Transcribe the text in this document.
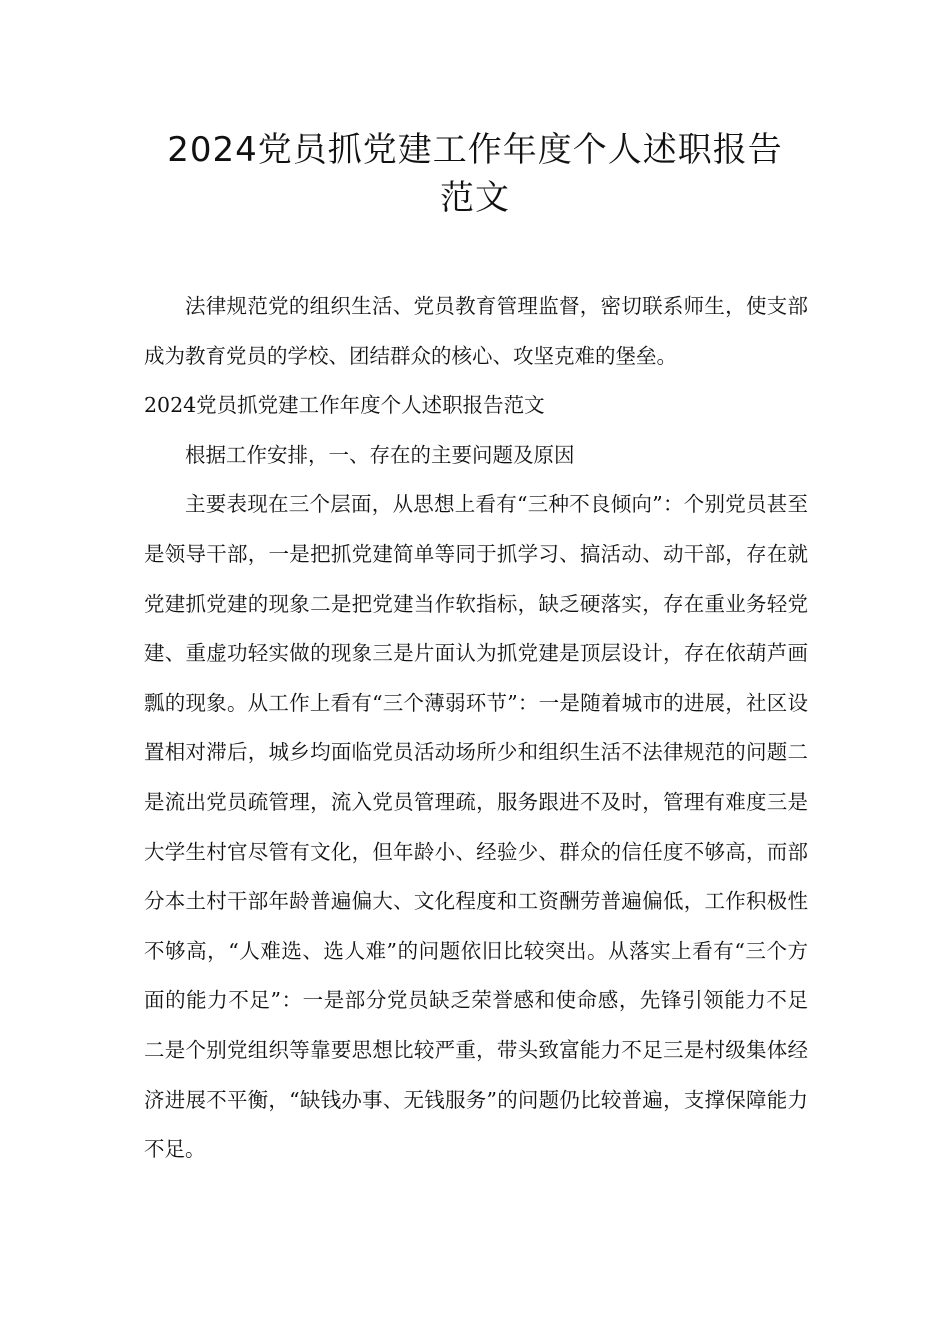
2024党员抓党建工作年度个人述职报告
范文

法律规范党的组织生活、党员教育管理监督，密切联系师生，使支部成为教育党员的学校、团结群众的核心、攻坚克难的堡垒。

2024党员抓党建工作年度个人述职报告范文

根据工作安排，一、存在的主要问题及原因

主要表现在三个层面，从思想上看有“三种不良倾向”：个别党员甚至是领导干部，一是把抓党建简单等同于抓学习、搞活动、动干部，存在就党建抓党建的现象二是把党建当作软指标，缺乏硬落实，存在重业务轻党建、重虚功轻实做的现象三是片面认为抓党建是顶层设计，存在依葫芦画瓢的现象。从工作上看有“三个薄弱环节”：一是随着城市的进展，社区设置相对滞后，城乡均面临党员活动场所少和组织生活不法律规范的问题二是流出党员疏管理，流入党员管理疏，服务跟进不及时，管理有难度三是大学生村官尽管有文化，但年龄小、经验少、群众的信任度不够高，而部分本土村干部年龄普遍偏大、文化程度和工资酬劳普遍偏低，工作积极性不够高，“人难选、选人难”的问题依旧比较突出。从落实上看有“三个方面的能力不足”：一是部分党员缺乏荣誉感和使命感，先锋引领能力不足二是个别党组织等靠要思想比较严重，带头致富能力不足三是村级集体经济进展不平衡，“缺钱办事、无钱服务”的问题仍比较普遍，支撑保障能力不足。
